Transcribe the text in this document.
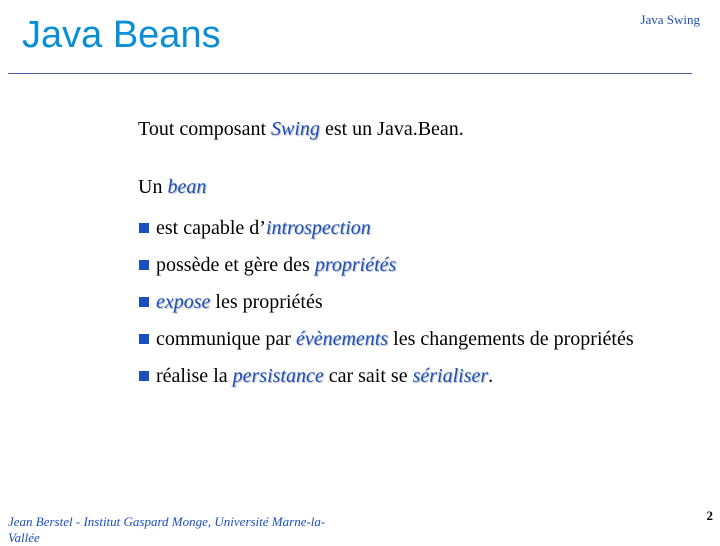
Java Beans	Java Swing
Tout composant Swing est un Java.Bean.
Un bean
est capable d’introspection
possède et gère des propriétés
expose les propriétés
communique par évènements les changements de propriétés
réalise la persistance car sait se sérialiser.
Jean Berstel - Institut Gaspard Monge, Université Marne-la-Vallée
2
